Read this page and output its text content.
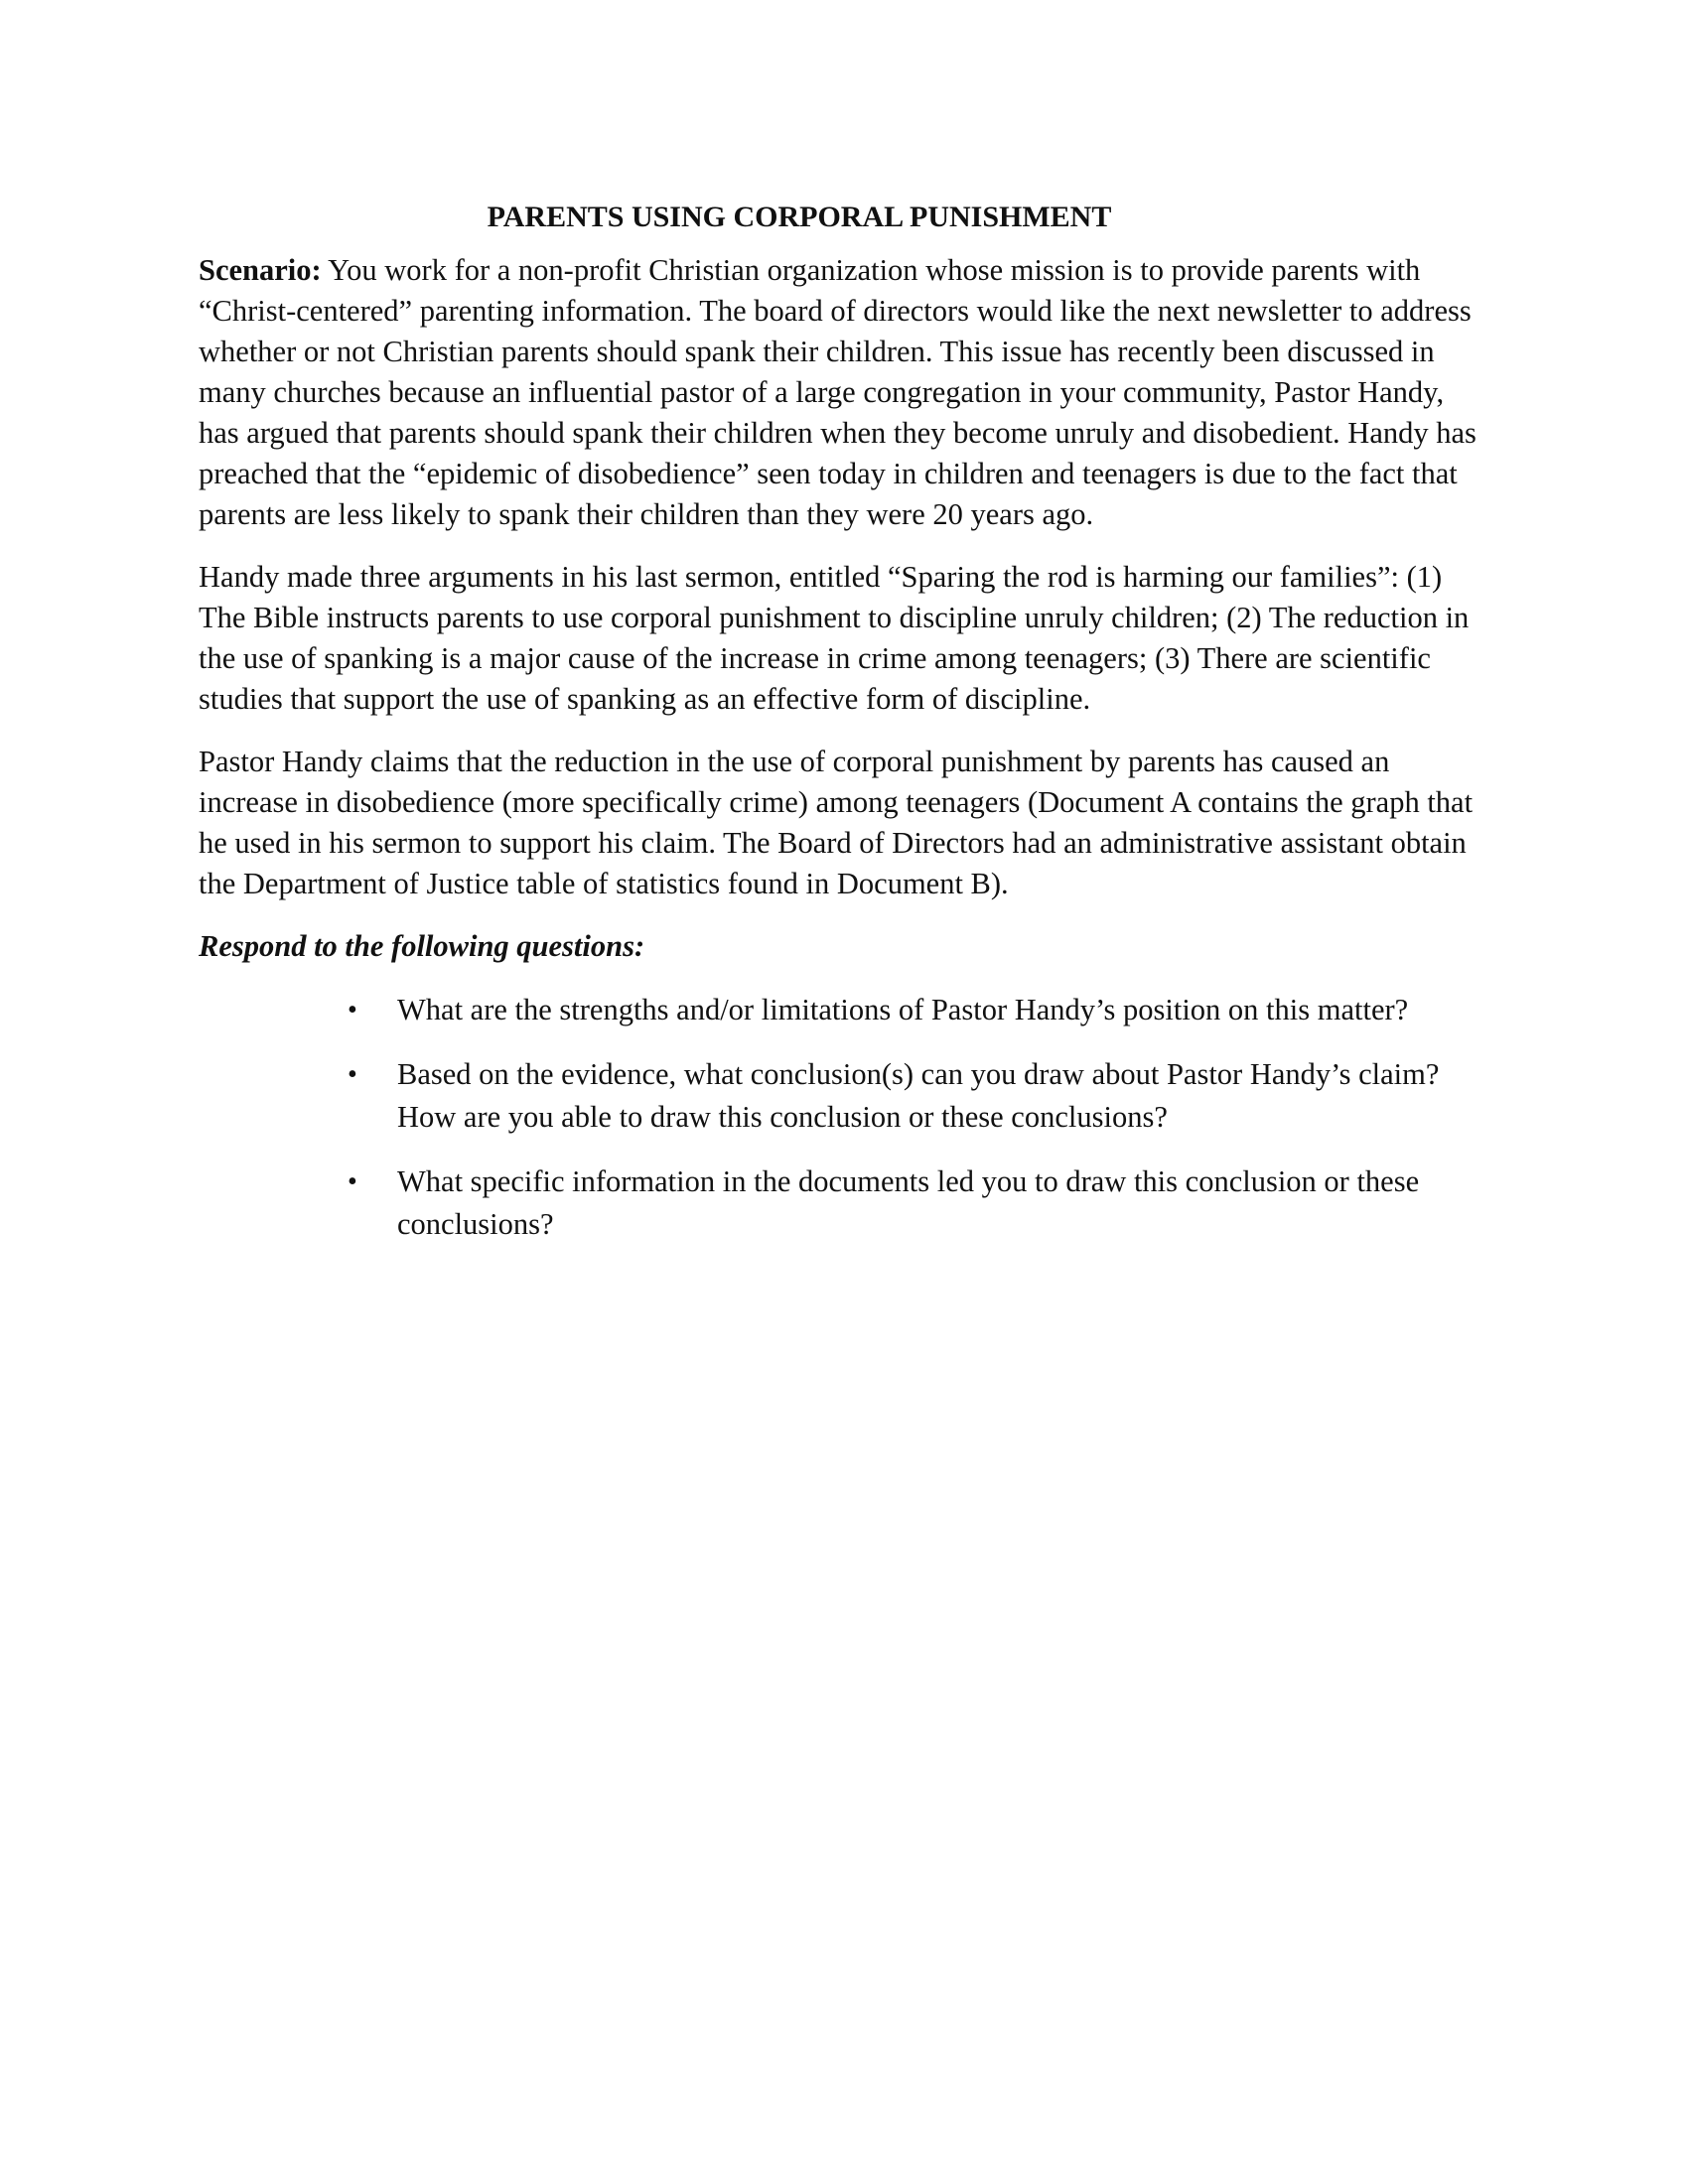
PARENTS USING CORPORAL PUNISHMENT

Scenario: You work for a non-profit Christian organization whose mission is to provide parents with “Christ-centered” parenting information. The board of directors would like the next newsletter to address whether or not Christian parents should spank their children. This issue has recently been discussed in many churches because an influential pastor of a large congregation in your community, Pastor Handy, has argued that parents should spank their children when they become unruly and disobedient. Handy has preached that the “epidemic of disobedience” seen today in children and teenagers is due to the fact that parents are less likely to spank their children than they were 20 years ago.

Handy made three arguments in his last sermon, entitled “Sparing the rod is harming our families”: (1) The Bible instructs parents to use corporal punishment to discipline unruly children; (2) The reduction in the use of spanking is a major cause of the increase in crime among teenagers; (3) There are scientific studies that support the use of spanking as an effective form of discipline.

Pastor Handy claims that the reduction in the use of corporal punishment by parents has caused an increase in disobedience (more specifically crime) among teenagers (Document A contains the graph that he used in his sermon to support his claim. The Board of Directors had an administrative assistant obtain the Department of Justice table of statistics found in Document B).

Respond to the following questions:

• What are the strengths and/or limitations of Pastor Handy’s position on this matter?
• Based on the evidence, what conclusion(s) can you draw about Pastor Handy’s claim? How are you able to draw this conclusion or these conclusions?
• What specific information in the documents led you to draw this conclusion or these conclusions?
